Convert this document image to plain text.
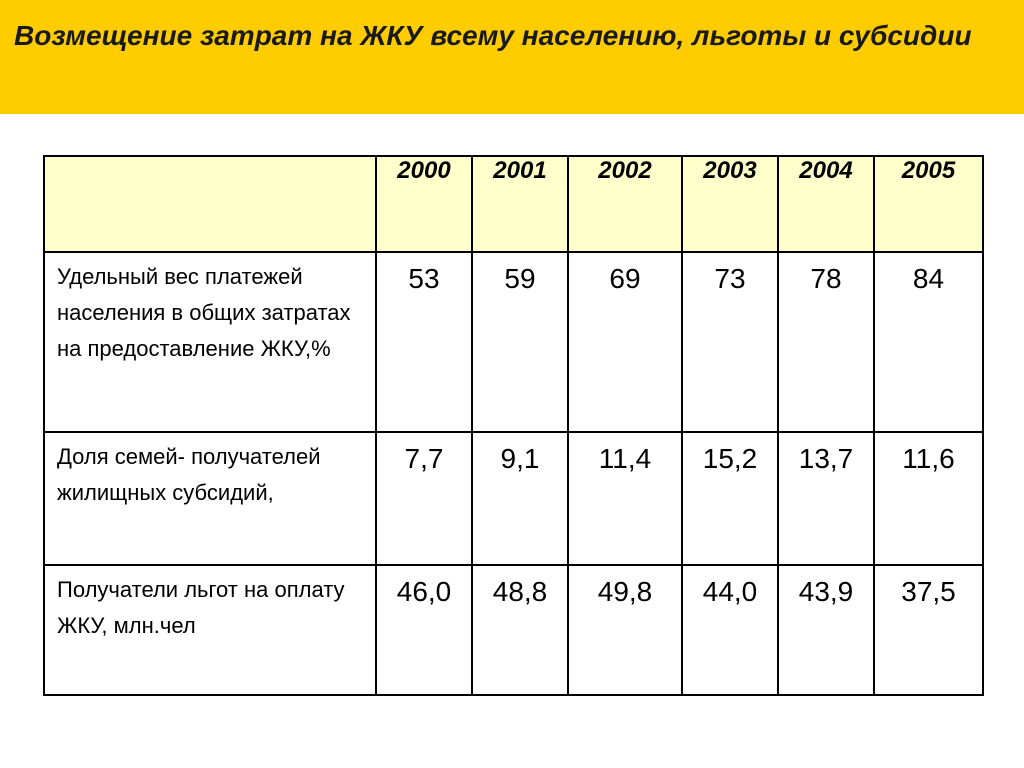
Возмещение затрат на ЖКУ всему населению, льготы и субсидии
	2000	2001	2002	2003	2004	2005
Удельный вес платежей населения в общих затратах на предоставление ЖКУ,%	53	59	69	73	78	84
Доля семей- получателей жилищных субсидий,	7,7	9,1	11,4	15,2	13,7	11,6
Получатели льгот на оплату ЖКУ, млн.чел	46,0	48,8	49,8	44,0	43,9	37,5
